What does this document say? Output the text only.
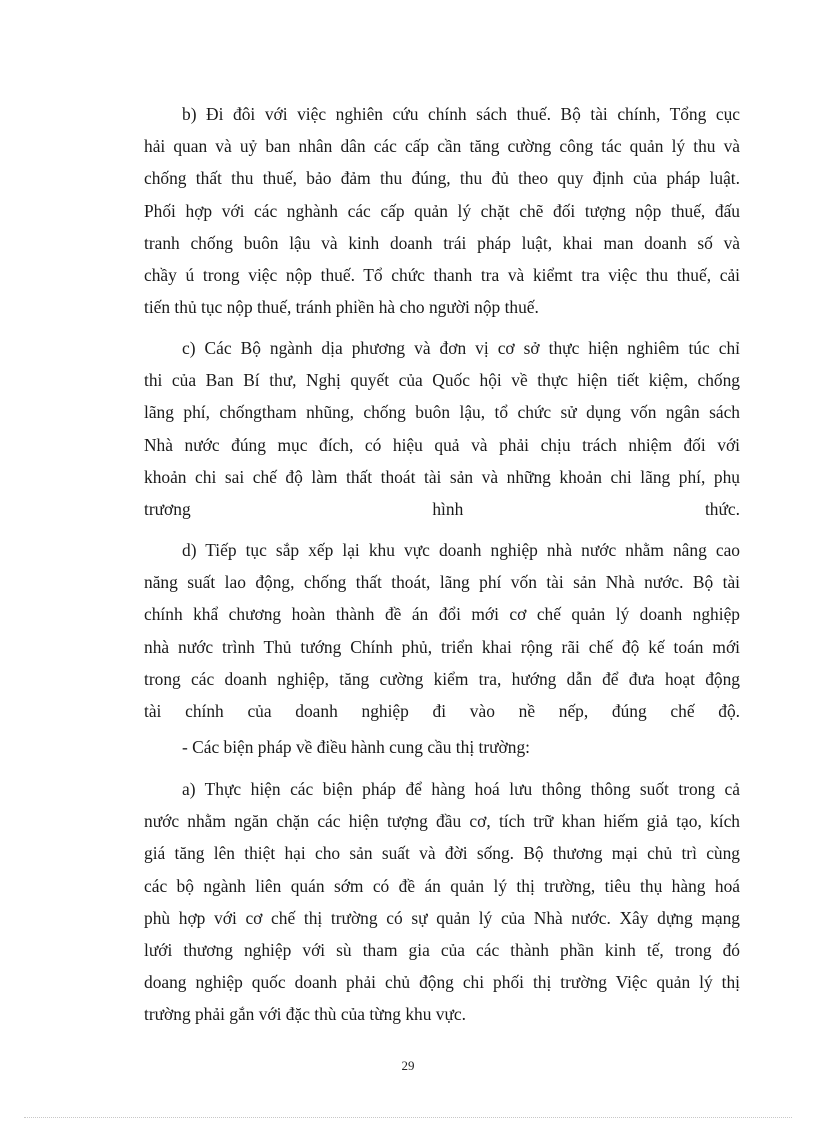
b) Đi đôi với việc nghiên cứu chính sách thuế. Bộ tài chính, Tổng cục
hải quan và uỷ ban nhân dân các cấp cần tăng cường công tác quản lý thu và
chống thất thu thuế, bảo đảm thu đúng, thu đủ theo quy định của pháp luật.
Phối hợp với các nghành các cấp quản lý chặt chẽ đối tượng nộp thuế, đấu
tranh chống buôn lậu và kinh doanh trái pháp luật, khai man doanh số và
chầy ú trong việc nộp thuế. Tổ chức thanh tra và kiểmt tra việc thu thuế, cải
tiến thủ tục nộp thuế, tránh phiền hà cho người nộp thuế.

c) Các Bộ ngành dịa phương và đơn vị cơ sở thực hiện nghiêm túc chỉ
thi của Ban Bí thư, Nghị quyết của Quốc hội về thực hiện tiết kiệm, chống
lãng phí, chốngtham nhũng, chống buôn lậu, tổ chức sử dụng vốn ngân sách
Nhà nước đúng mục đích, có hiệu quả và phải chịu trách nhiệm đối với
khoản chi sai chế độ làm thất thoát tài sản và những khoản chi lãng phí, phụ
trương hình thức.

d) Tiếp tục sắp xếp lại khu vực doanh nghiệp nhà nước nhằm nâng cao
năng suất lao động, chống thất thoát, lãng phí vốn tài sản Nhà nước. Bộ tài
chính khẩ chương hoàn thành đề án đổi mới cơ chế quản lý doanh nghiệp
nhà nước trình Thủ tướng Chính phủ, triển khai rộng rãi chế độ kế toán mới
trong các doanh nghiệp, tăng cường kiểm tra, hướng dẫn để đưa hoạt động
tài chính của doanh nghiệp đi vào nề nếp, đúng chế độ.

- Các biện pháp về điều hành cung cầu thị trường:

a) Thực hiện các biện pháp để hàng hoá lưu thông thông suốt trong cả
nước nhằm ngăn chặn các hiện tượng đầu cơ, tích trữ khan hiếm giả tạo, kích
giá tăng lên thiệt hại cho sản suất và đời sống. Bộ thương mại chủ trì cùng
các bộ ngành liên quán sớm có đề án quản lý thị trường, tiêu thụ hàng hoá
phù hợp với cơ chế thị trường có sự quản lý của Nhà nước. Xây dựng mạng
lưới thương nghiệp với sù tham gia của các thành phần kinh tế, trong đó
doang nghiệp quốc doanh phải chủ động chi phối thị trường Việc quản lý thị
trường phải gắn với đặc thù của từng khu vực.

29
